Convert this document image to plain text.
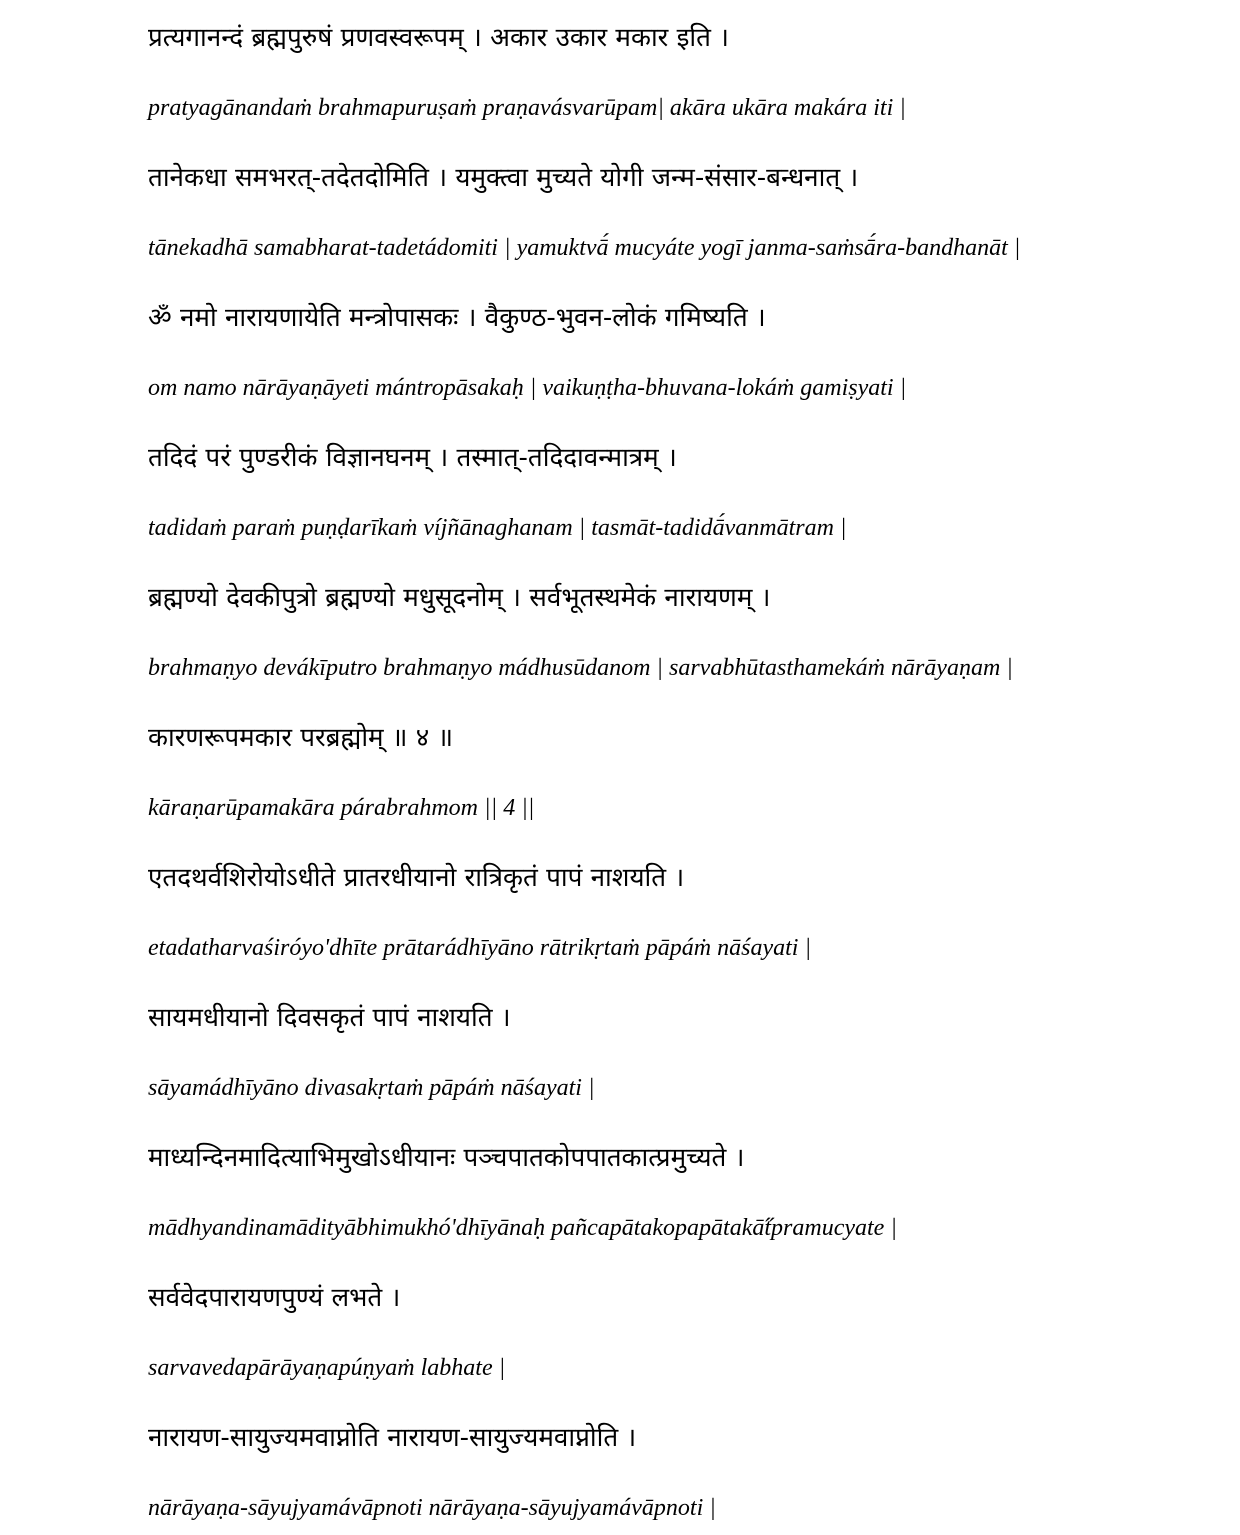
प्रत्यगानन्दं ब्रह्मपुरुषं प्रणवस्वरूपम् । अकार उकार मकार इति ।
pratyagānandaṁ brahmapuruṣaṁ praṇavásvarūpam| akāra ukāra makára iti |
तानेकधा समभरत्-तदेतदोमिति । यमुक्त्वा मुच्यते योगी जन्म-संसार-बन्धनात् ।
tānekadhā samabharat-tadetádomiti | yamuktvā́ mucyáte yogī janma-saṁsā́ra-bandhanāt |
ॐ नमो नारायणायेति मन्त्रोपासकः । वैकुण्ठ-भुवन-लोकं गमिष्यति ।
om namo nārāyaṇāyeti mántropāsakaḥ | vaikuṇṭha-bhuvana-lokáṁ gamiṣyati |
तदिदं परं पुण्डरीकं विज्ञानघनम् । तस्मात्-तदिदावन्मात्रम् ।
tadidaṁ paraṁ puṇḍarīkaṁ víjñānaghanam | tasmāt-tadidā́vanmātram |
ब्रह्मण्यो देवकीपुत्रो ब्रह्मण्यो मधुसूदनोम् । सर्वभूतस्थमेकं नारायणम् ।
brahmaṇyo devákīputro brahmaṇyo mádhusūdanom | sarvabhūtasthamekáṁ nārāyaṇam |
कारणरूपमकार परब्रह्मोम् ॥ ४ ॥
kāraṇarūpamakāra párabrahmom || 4 ||
एतदथर्वशिरोयोऽधीते प्रातरधीयानो रात्रिकृतं पापं नाशयति ।
etadatharvaśiróyo'dhīte prātarádhīyāno rātrikṛtaṁ pāpáṁ nāśayati |
सायमधीयानो दिवसकृतं पापं नाशयति ।
sāyamádhīyāno divasakṛtaṁ pāpáṁ nāśayati |
माध्यन्दिनमादित्याभिमुखोऽधीयानः पञ्चपातकोपपातकात्प्रमुच्यते ।
mādhyandinamādityābhimukhó'dhīyānaḥ pañcapātakopapātakā̋tpramucyate |
सर्ववेदपारायणपुण्यं लभते ।
sarvavedapārāyaṇapúṇyaṁ labhate |
नारायण-सायुज्यमवाप्नोति नारायण-सायुज्यमवाप्नोति ।
nārāyaṇa-sāyujyamávāpnoti nārāyaṇa-sāyujyamávāpnoti |
